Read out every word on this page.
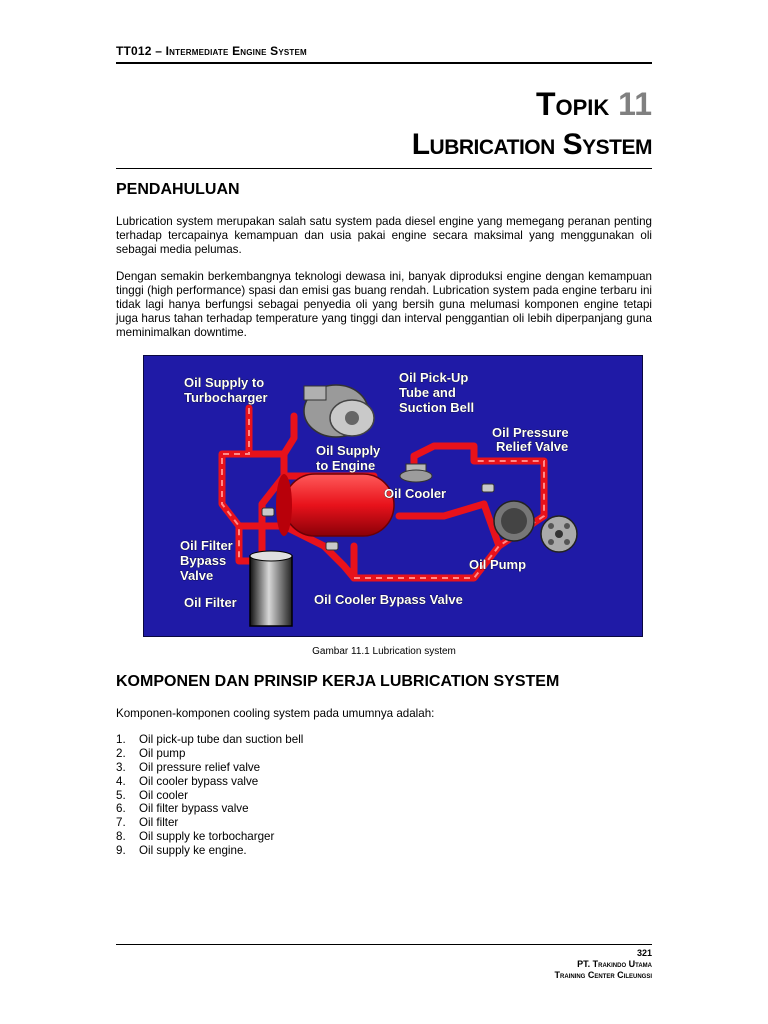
TT012 – Intermediate Engine System
Topik 11
Lubrication System
PENDAHULUAN
Lubrication system merupakan salah satu system pada diesel engine yang memegang peranan penting terhadap tercapainya kemampuan dan usia pakai engine secara maksimal yang menggunakan oli sebagai media pelumas.
Dengan semakin berkembangnya teknologi dewasa ini, banyak diproduksi engine dengan kemampuan tinggi (high performance) spasi dan emisi gas buang rendah. Lubrication system pada engine terbaru ini tidak lagi hanya berfungsi sebagai penyedia oli yang bersih guna melumasi komponen engine tetapi juga harus tahan terhadap temperature yang tinggi dan interval penggantian oli lebih diperpanjang guna meminimalkan downtime.
Oil Supply to
Turbocharger
Oil Pick-Up
Tube and
Suction Bell
Oil Pressure
Relief Valve
Oil Supply
to Engine
Oil Cooler
Oil Filter
Bypass
Valve
Oil Pump
Oil Filter	Oil Cooler Bypass Valve
Gambar 11.1 Lubrication system
KOMPONEN DAN PRINSIP KERJA LUBRICATION SYSTEM
Komponen-komponen cooling system pada umumnya adalah:
1. Oil pick-up tube dan suction bell
2. Oil pump
3. Oil pressure relief valve
4. Oil cooler bypass valve
5. Oil cooler
6. Oil filter bypass valve
7. Oil filter
8. Oil supply ke torbocharger
9. Oil supply ke engine.
321
PT. Trakindo Utama
Training Center Cileungsi
